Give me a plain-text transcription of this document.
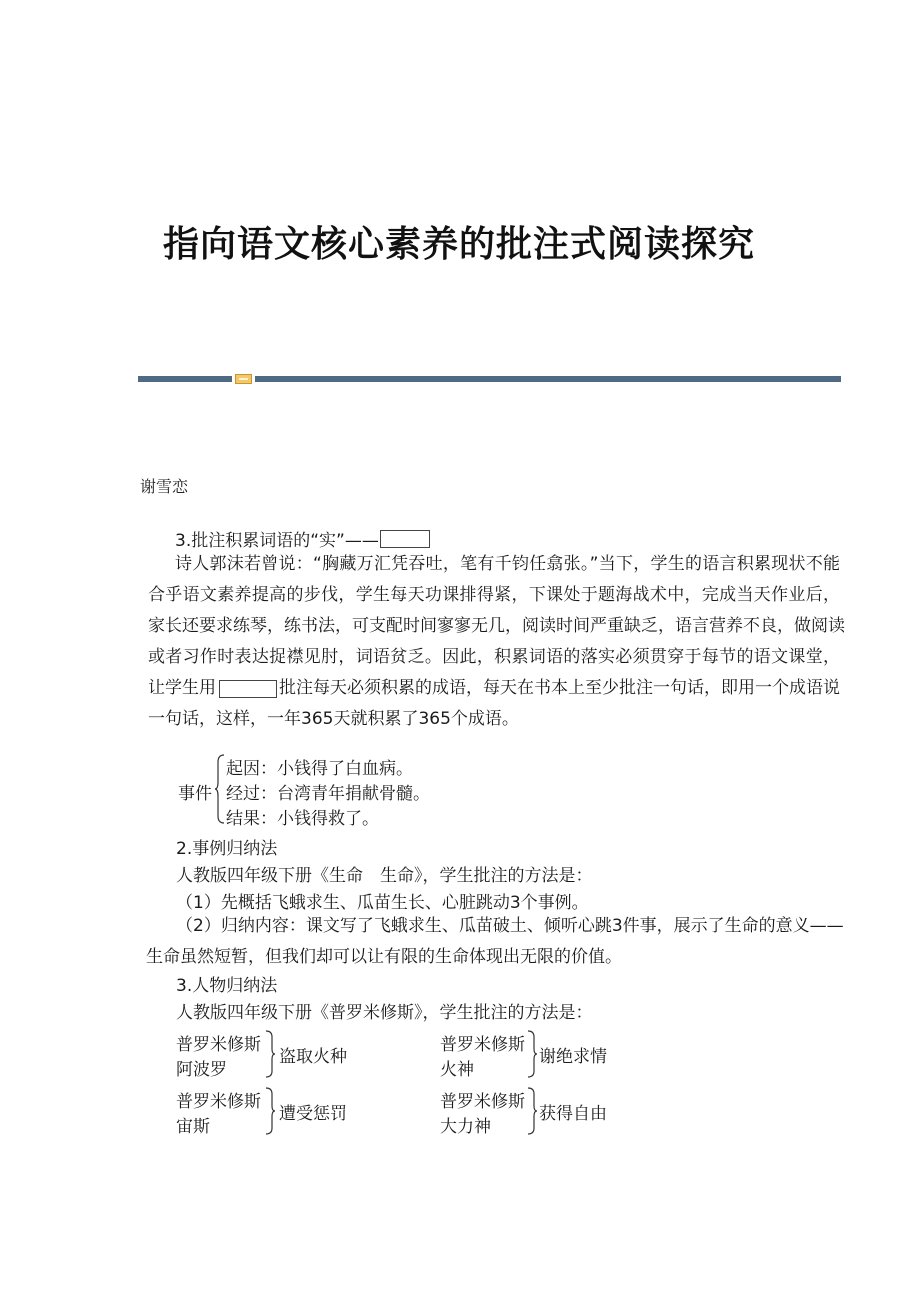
指向语文核心素养的批注式阅读探究
谢雪恋
3.批注积累词语的“实”——
诗人郭沫若曾说：“胸藏万汇凭吞吐，笔有千钧任翕张。”当下，学生的语言积累现状不能
合乎语文素养提高的步伐，学生每天功课排得紧，下课处于题海战术中，完成当天作业后，
家长还要求练琴，练书法，可支配时间寥寥无几，阅读时间严重缺乏，语言营养不良，做阅读
或者习作时表达捉襟见肘，词语贫乏。因此，积累词语的落实必须贯穿于每节的语文课堂，
让学生用	批注每天必须积累的成语，每天在书本上至少批注一句话，即用一个成语说
一句话，这样，一年365天就积累了365个成语。
事件
起因：小钱得了白血病。
经过：台湾青年捐献骨髓。
结果：小钱得救了。
2.事例归纳法
人教版四年级下册《生命　生命》，学生批注的方法是：
（1）先概括飞蛾求生、瓜苗生长、心脏跳动3个事例。
（2）归纳内容：课文写了飞蛾求生、瓜苗破土、倾听心跳3件事，展示了生命的意义——
生命虽然短暂，但我们却可以让有限的生命体现出无限的价值。
3.人物归纳法
人教版四年级下册《普罗米修斯》，学生批注的方法是：
普罗米修斯
阿波罗
盗取火种
普罗米修斯
火神
谢绝求情
普罗米修斯
宙斯
遭受惩罚
普罗米修斯
大力神
获得自由
